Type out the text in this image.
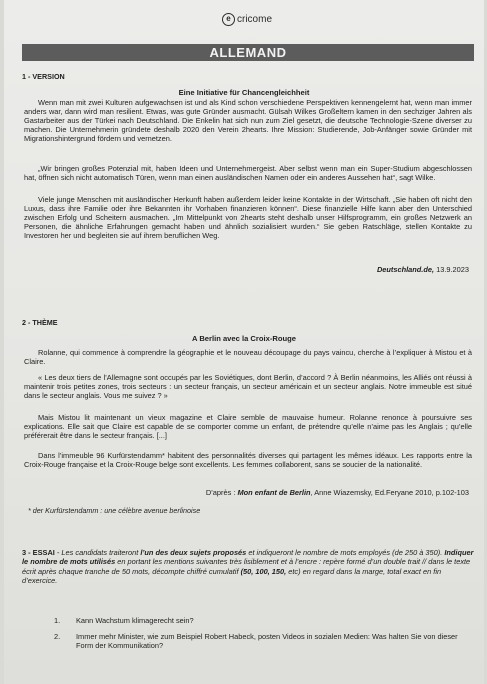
e cricome
ALLEMAND
1 - VERSION
Eine Initiative für Chancengleichheit

Wenn man mit zwei Kulturen aufgewachsen ist und als Kind schon verschiedene Perspektiven kennengelernt hat, wenn man immer anders war, dann wird man resilient. Etwas, was gute Gründer ausmacht. Gülsah Wilkes Großeltern kamen in den sechziger Jahren als Gastarbeiter aus der Türkei nach Deutschland. Die Enkelin hat sich nun zum Ziel gesetzt, die deutsche Technologie-Szene diverser zu machen. Die Unternehmerin gründete deshalb 2020 den Verein 2hearts. Ihre Mission: Studierende, Job-Anfänger sowie Gründer mit Migrationshintergrund fördern und vernetzen.

„Wir bringen großes Potenzial mit, haben Ideen und Unternehmergeist. Aber selbst wenn man ein Super-Studium abgeschlossen hat, öffnen sich nicht automatisch Türen, wenn man einen ausländischen Namen oder ein anderes Aussehen hat“, sagt Wilke.

Viele junge Menschen mit ausländischer Herkunft haben außerdem leider keine Kontakte in der Wirtschaft. „Sie haben oft nicht den Luxus, dass ihre Familie oder ihre Bekannten ihr Vorhaben finanzieren können“. Diese finanzielle Hilfe kann aber den Unterschied zwischen Erfolg und Scheitern ausmachen. „Im Mittelpunkt von 2hearts steht deshalb unser Hilfsprogramm, ein großes Netzwerk an Personen, die ähnliche Erfahrungen gemacht haben und ähnlich sozialisiert wurden.“ Sie geben Ratschläge, stellen Kontakte zu Investoren her und begleiten sie auf ihrem beruflichen Weg.

Deutschland.de, 13.9.2023
2 - THÈME
A Berlin avec la Croix-Rouge

Rolanne, qui commence à comprendre la géographie et le nouveau découpage du pays vaincu, cherche à l’expliquer à Mistou et à Claire.

« Les deux tiers de l’Allemagne sont occupés par les Soviétiques, dont Berlin, d’accord ? À Berlin néanmoins, les Alliés ont réussi à maintenir trois petites zones, trois secteurs : un secteur français, un secteur américain et un secteur anglais. Notre immeuble est situé dans le secteur anglais. Vous me suivez ? »

Mais Mistou lit maintenant un vieux magazine et Claire semble de mauvaise humeur. Rolanne renonce à poursuivre ses explications. Elle sait que Claire est capable de se comporter comme un enfant, de prétendre qu’elle n’aime pas les Anglais ; qu’elle préférerait être dans le secteur français. [...]

Dans l’immeuble 96 Kurfürstendamm* habitent des personnalités diverses qui partagent les mêmes idéaux. Les rapports entre la Croix-Rouge française et la Croix-Rouge belge sont excellents. Les femmes collaborent, sans se soucier de la nationalité.

D’après : Mon enfant de Berlin, Anne Wiazemsky, Ed.Feryane 2010, p.102-103
* der Kurfürstendamm : une célèbre avenue berlinoise
3 - ESSAI - Les candidats traiteront l’un des deux sujets proposés et indiqueront le nombre de mots employés (de 250 à 350). Indiquer le nombre de mots utilisés en portant les mentions suivantes très lisiblement et à l’encre : repère formé d’un double trait // dans le texte écrit après chaque tranche de 50 mots, décompte chiffré cumulatif (50, 100, 150, etc) en regard dans la marge, total exact en fin d’exercice.
1. Kann Wachstum klimagerecht sein?
2. Immer mehr Minister, wie zum Beispiel Robert Habeck, posten Videos in sozialen Medien: Was halten Sie von dieser Form der Kommunikation?
